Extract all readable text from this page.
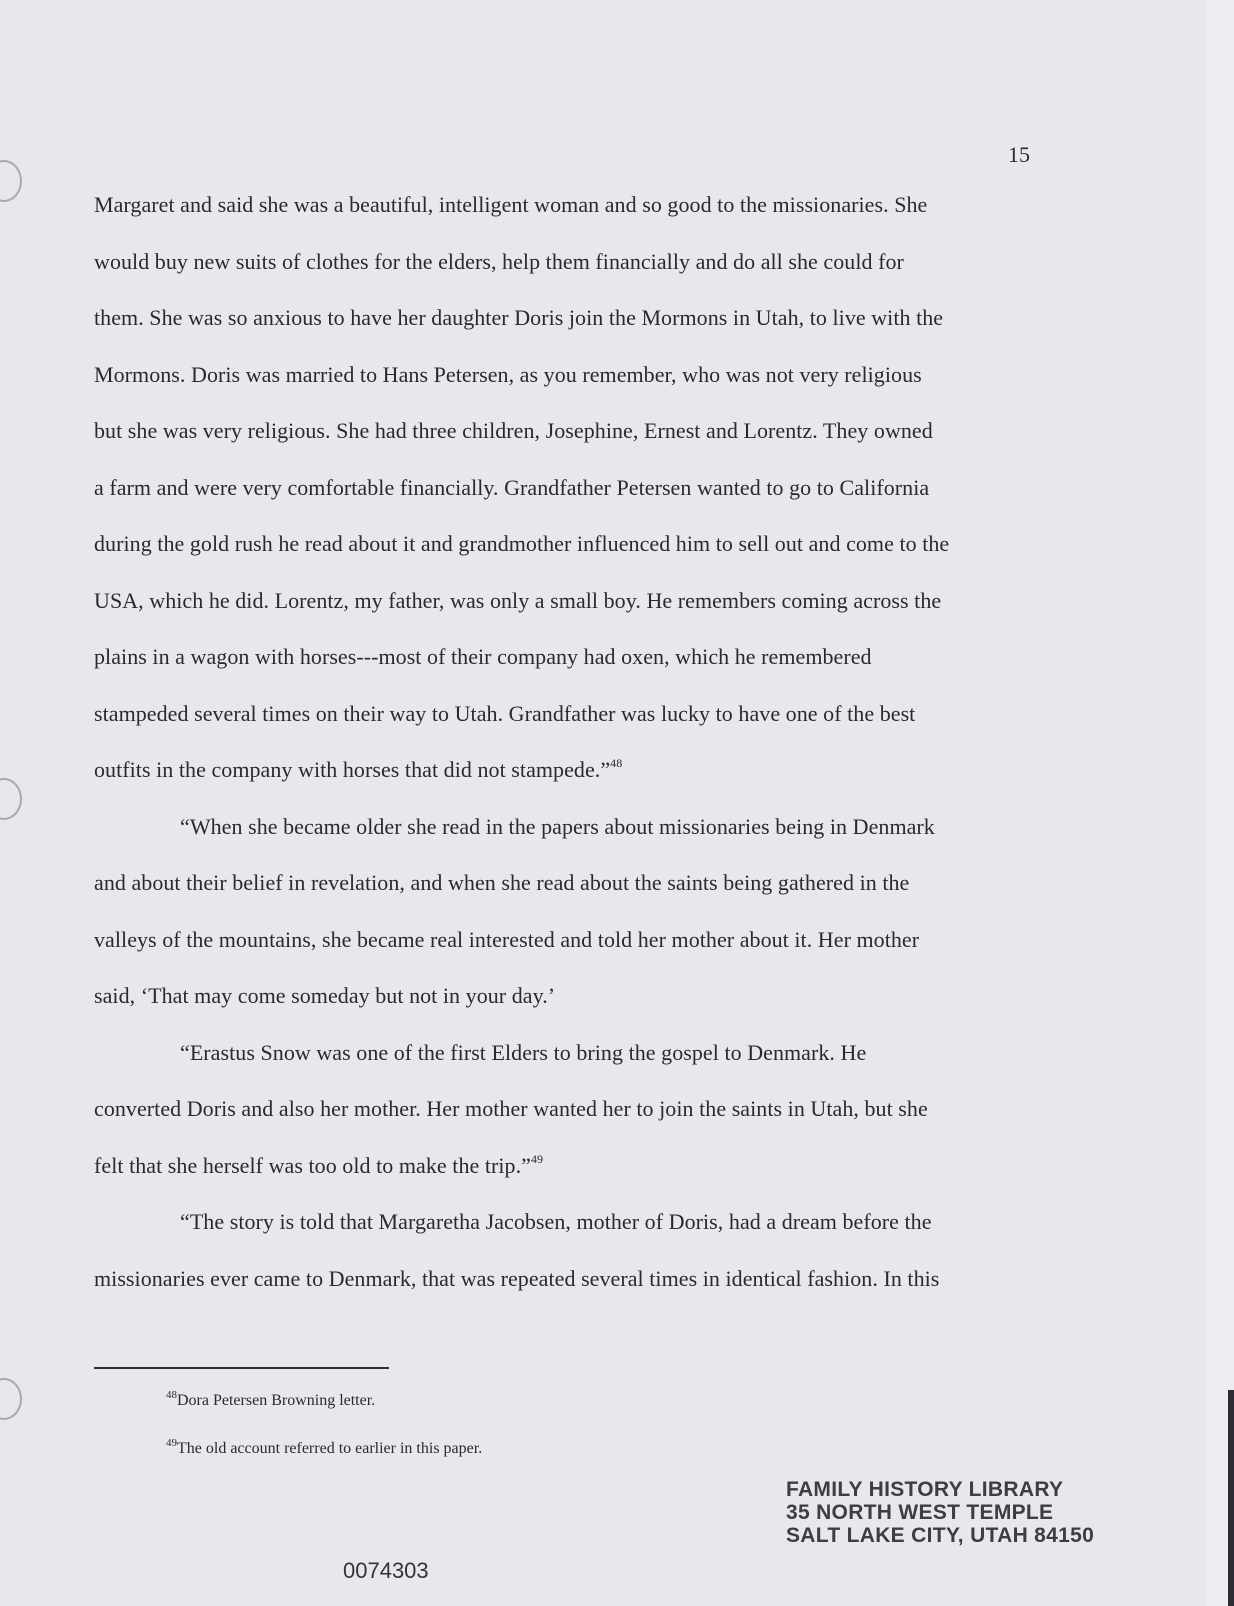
15
Margaret and said she was a beautiful, intelligent woman and so good to the missionaries. She
would buy new suits of clothes for the elders, help them financially and do all she could for
them. She was so anxious to have her daughter Doris join the Mormons in Utah, to live with the
Mormons. Doris was married to Hans Petersen, as you remember, who was not very religious
but she was very religious. She had three children, Josephine, Ernest and Lorentz. They owned
a farm and were very comfortable financially. Grandfather Petersen wanted to go to California
during the gold rush he read about it and grandmother influenced him to sell out and come to the
USA, which he did. Lorentz, my father, was only a small boy. He remembers coming across the
plains in a wagon with horses---most of their company had oxen, which he remembered
stampeded several times on their way to Utah. Grandfather was lucky to have one of the best
outfits in the company with horses that did not stampede.”$^{48}$
“When she became older she read in the papers about missionaries being in Denmark
and about their belief in revelation, and when she read about the saints being gathered in the
valleys of the mountains, she became real interested and told her mother about it. Her mother
said, ‘That may come someday but not in your day.’
“Erastus Snow was one of the first Elders to bring the gospel to Denmark. He
converted Doris and also her mother. Her mother wanted her to join the saints in Utah, but she
felt that she herself was too old to make the trip.”$^{49}$
“The story is told that Margaretha Jacobsen, mother of Doris, had a dream before the
missionaries ever came to Denmark, that was repeated several times in identical fashion. In this
$^{48}$Dora Petersen Browning letter.
$^{49}$The old account referred to earlier in this paper.
FAMILY HISTORY LIBRARY
35 NORTH WEST TEMPLE
SALT LAKE CITY, UTAH 84150
0074303
